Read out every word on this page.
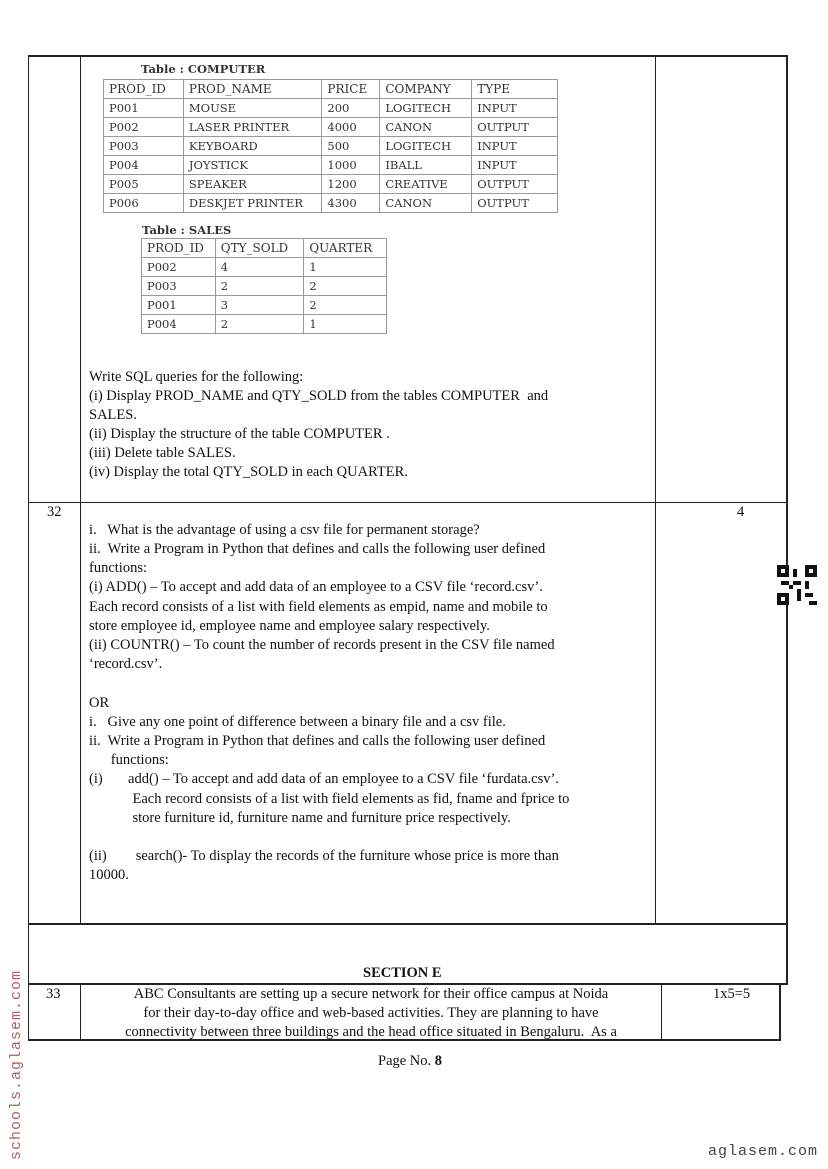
Table : COMPUTER
PROD_ID	PROD_NAME	PRICE	COMPANY	TYPE
P001	MOUSE	200	LOGITECH	INPUT
P002	LASER PRINTER	4000	CANON	OUTPUT
P003	KEYBOARD	500	LOGITECH	INPUT
P004	JOYSTICK	1000	IBALL	INPUT
P005	SPEAKER	1200	CREATIVE	OUTPUT
P006	DESKJET PRINTER	4300	CANON	OUTPUT
Table : SALES
PROD_ID	QTY_SOLD	QUARTER
P002	4	1
P003	2	2
P001	3	2
P004	2	1
Write SQL queries for the following:
(i) Display PROD_NAME and QTY_SOLD from the tables COMPUTER  and
SALES.
(ii) Display the structure of the table COMPUTER .
(iii) Delete table SALES.
(iv) Display the total QTY_SOLD in each QUARTER.
32	4
i.   What is the advantage of using a csv file for permanent storage?
ii.  Write a Program in Python that defines and calls the following user defined
functions:
(i) ADD() – To accept and add data of an employee to a CSV file ‘record.csv’.
Each record consists of a list with field elements as empid, name and mobile to
store employee id, employee name and employee salary respectively.
(ii) COUNTR() – To count the number of records present in the CSV file named
‘record.csv’.
OR
i.   Give any one point of difference between a binary file and a csv file.
ii.  Write a Program in Python that defines and calls the following user defined
functions:
(i)       add() – To accept and add data of an employee to a CSV file ‘furdata.csv’.
Each record consists of a list with field elements as fid, fname and fprice to
store furniture id, furniture name and furniture price respectively.
(ii)        search()- To display the records of the furniture whose price is more than
10000.
SECTION E
33	1x5=5
ABC Consultants are setting up a secure network for their office campus at Noida
for their day-to-day office and web-based activities. They are planning to have
connectivity between three buildings and the head office situated in Bengaluru.  As a
Page No. 8
schools.aglasem.com	aglasem.com
